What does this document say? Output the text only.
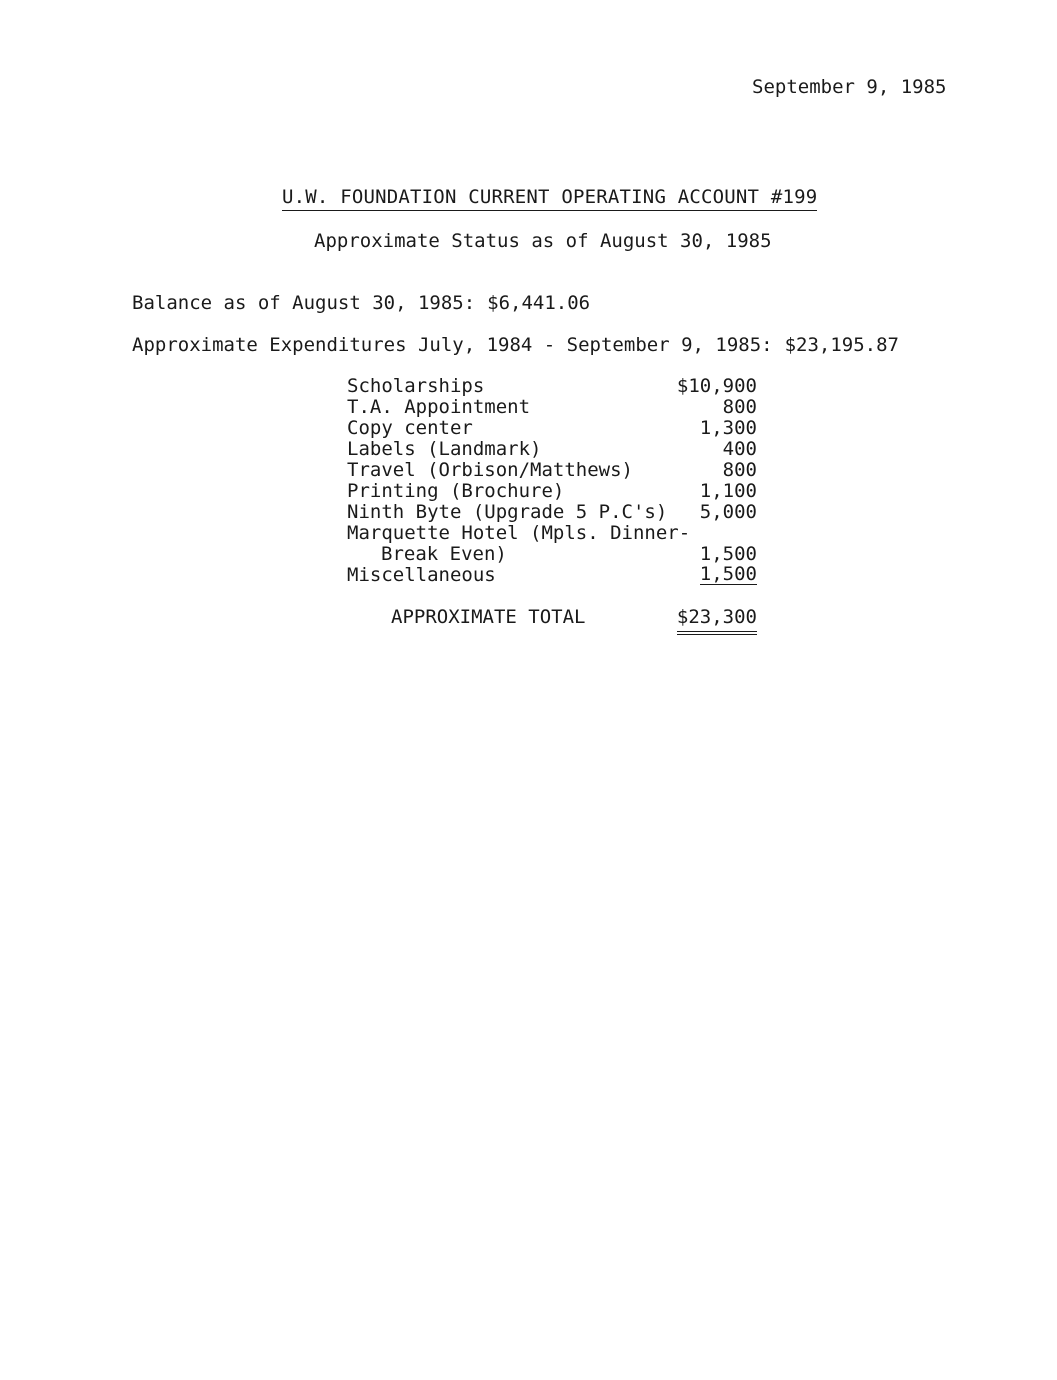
September 9, 1985
U.W. FOUNDATION CURRENT OPERATING ACCOUNT #199
Approximate Status as of August 30, 1985
Balance as of August 30, 1985: $6,441.06
Approximate Expenditures July, 1984 - September 9, 1985: $23,195.87
Scholarships	$10,900
T.A. Appointment	800
Copy center	1,300
Labels (Landmark)	400
Travel (Orbison/Matthews)	800
Printing (Brochure)	1,100
Ninth Byte (Upgrade 5 P.C's) 5,000
Marquette Hotel (Mpls. Dinner-
Break Even)	1,500
Miscellaneous	1,500
APPROXIMATE TOTAL	$23,300
